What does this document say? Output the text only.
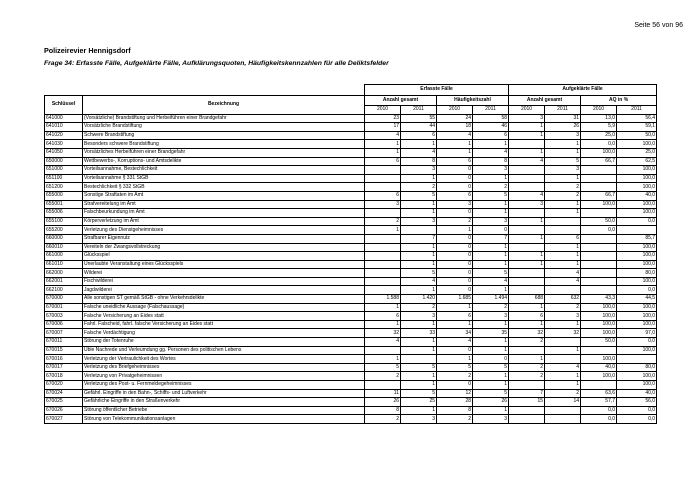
Seite 56 von 96
Polizeirevier Hennigsdorf
Frage 34: Erfasste Fälle, Aufgeklärte Fälle, Aufklärungsquoten, Häufigkeitskennzahlen für alle Deliktsfelder
		Erfasste Fälle				Aufgeklärte Fälle			
Schlüssel	Bezeichnung	Anzahl gesamt		Häufigkeitszahl		Anzahl gesamt		AQ in %	
		2010	2011	2010	2011	2010	2011	2010	2011
641000	(Vorsätzliche) Brandstiftung und Herbeiführen einer Brandgefahr	23	55	24	58	3	31	13,0	56,4
641010	Vorsätzliche Brandstiftung	17	44	18	46	1	26	5,9	59,1
641020	Schwere Brandstiftung	4	6	4	6	1	3	25,0	50,0
641030	Besonders schwere Brandstiftung	1	1	1	1		1	0,0	100,0
641050	Vorsätzliches Herbeiführen einer Brandgefahr	1	4	1	4	1	1	100,0	25,0
650000	Wettbewerbs-, Korruptions- und Amtsdelikte	6	8	6	8	4	5	66,7	62,5
651000	Vorteilsannahme, Bestechlichkeit		3	0	3		3		100,0
651100	Vorteilsannahme § 331 StGB		1	0	1		1		100,0
651200	Bestechlichkeit § 332 StGB		2	0	2		2		100,0
655000	Sonstige Straftaten im Amt	6	5	6	5	4	2	66,7	40,0
655001	Strafvereitelung im Amt	3	1	3	1	3	1	100,0	100,0
655006	Falschbeurkundung im Amt		1	0	1		1		100,0
655100	Körperverletzung im Amt	2	3	2	3	1		50,0	0,0
655200	Verletzung des Dienstgeheimnisses	1		1	0			0,0	
660000	Strafbarer Eigennutz		7	0	7	1	6		85,7
660010	Vereiteln der Zwangsvollstreckung		1	0	1		1		100,0
661000	Glücksspiel		1	0	1	1	1		100,0
661010	Unerlaubte Veranstaltung eines Glücksspiels		1	0	1	1	1		100,0
662000	Wilderei		5	0	5		4		80,0
662001	Fischwilderei		4	0	4		4		100,0
662100	Jagdwilderei		1	0	1				0,0
670000	Alle sonstigen ST gemäß StGB - ohne Verkehrsdelikte	1.588	1.420	1.685	1.494	688	632	43,3	44,5
670001	Falsche uneidliche Aussage (Falschaussage)	1	2	1	2	1	2	100,0	100,0
670003	Falsche Versicherung an Eides statt	6	3	6	3	6	3	100,0	100,0
670006	Fahrl. Falscheid, fahrl. falsche Versicherung an Eides statt	1	1	1	1	1	1	100,0	100,0
670007	Falsche Verdächtigung	32	33	34	35	32	32	100,0	97,0
670011	Störung der Totenruhe	4	1	4	1	2		50,0	0,0
670015	Üble Nachrede und Verleumdung gg. Personen des politischen Lebens		1	0	1		1		100,0
670016	Verletzung der Vertraulichkeit des Wortes	1		1	0	1		100,0	
670017	Verletzung des Briefgeheimnisses	5	5	5	5	2	4	40,0	80,0
670018	Verletzung von Privatgeheimnissen	2	1	2	1	2	1	100,0	100,0
670020	Verletzung des Post- u. Fernmeldegeheimnisses		1	0	1		1		100,0
670024	Gefährl. Eingriffe in den Bahn-, Schiffs- und Luftverkehr	11	5	12	5	7	2	63,6	40,0
670025	Gefährliche Eingriffe in den Straßenverkehr	26	25	28	26	15	14	57,7	56,0
670026	Störung öffentlicher Betriebe	8	1	8	1			0,0	0,0
670027	Störung von Telekommunikationsanlagen	2	3	2	3			0,0	0,0
